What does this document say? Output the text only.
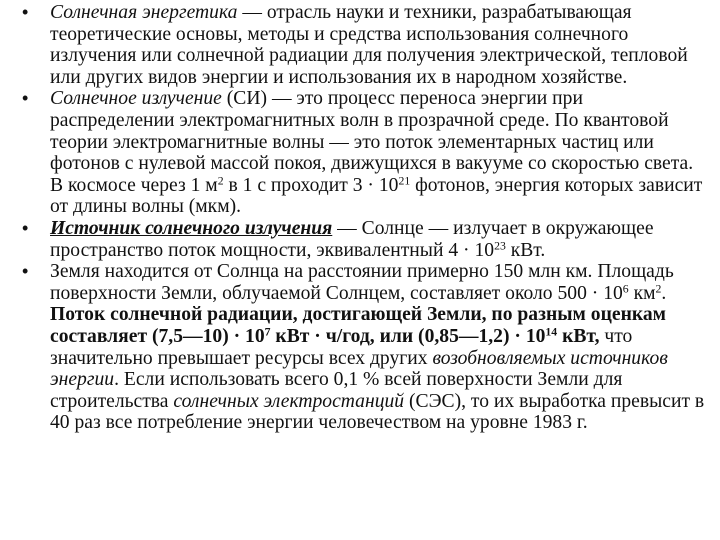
• Солнечная энергетика — отрасль науки и техники, разрабатывающая теоретические основы, методы и средства использования солнечного излучения или солнечной радиации для получения электрической, тепловой или других видов энергии и использования их в народном хозяйстве.
• Солнечное излучение (СИ) — это процесс переноса энергии при распределении электромагнитных волн в прозрачной среде. По квантовой теории электромагнитные волны — это поток элементарных частиц или фотонов с нулевой массой покоя, движущихся в вакууме со скоростью света. В космосе через 1 $м^2$ в 1 с проходит $3 \cdot 10^{21}$ фотонов, энергия которых зависит от длины волны (мкм).
• Источник солнечного излучения — Солнце — излучает в окружающее пространство поток мощности, эквивалентный $4 \cdot 10^{23}$ кВт.
• Земля находится от Солнца на расстоянии примерно 150 млн км. Площадь поверхности Земли, облучаемой Солнцем, составляет около $500 \cdot 10^6$ $км^2$. Поток солнечной радиации, достигающей Земли, по разным оценкам составляет (7,5—10) · $10^7$ кВт · ч/год, или (0,85—1,2) · $10^{14}$ кВт, что значительно превышает ресурсы всех других возобновляемых источников энергии. Если использовать всего 0,1 % всей поверхности Земли для строительства солнечных электростанций (СЭС), то их выработка превысит в 40 раз все потребление энергии человечеством на уровне 1983 г.
